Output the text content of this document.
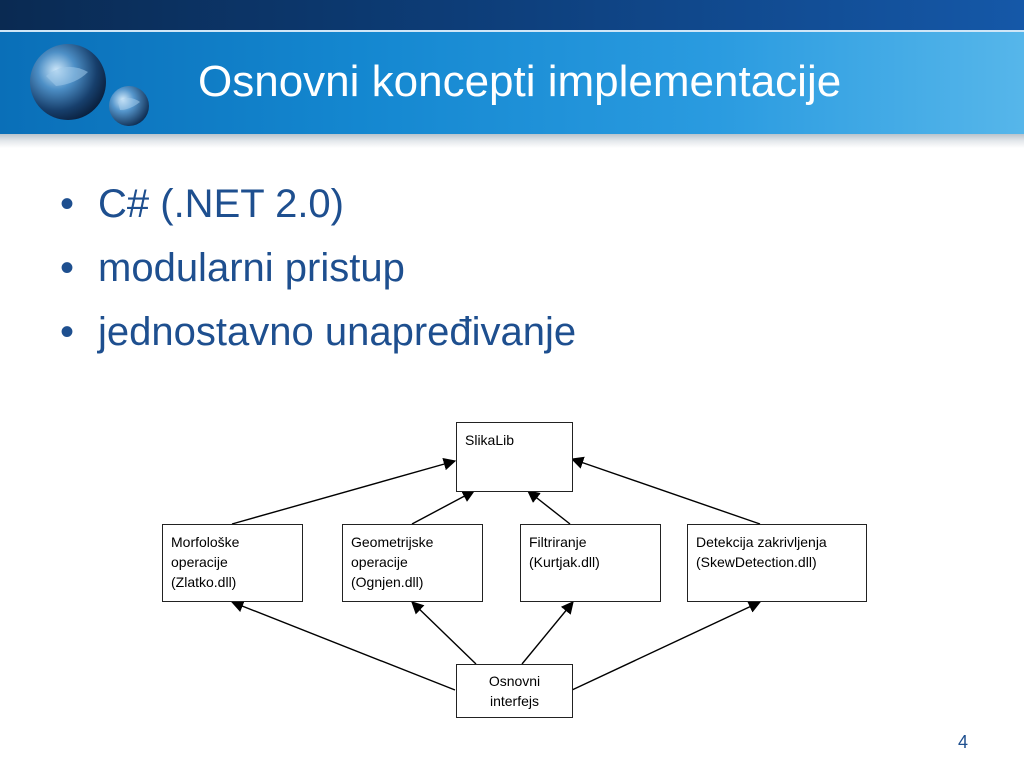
Osnovni koncepti implementacije
• C# (.NET 2.0)
• modularni pristup
• jednostavno unapređivanje
SlikaLib
Morfološke
operacije
(Zlatko.dll)
Geometrijske
operacije
(Ognjen.dll)
Filtriranje
(Kurtjak.dll)
Detekcija zakrivljenja
(SkewDetection.dll)
Osnovni
interfejs
4
